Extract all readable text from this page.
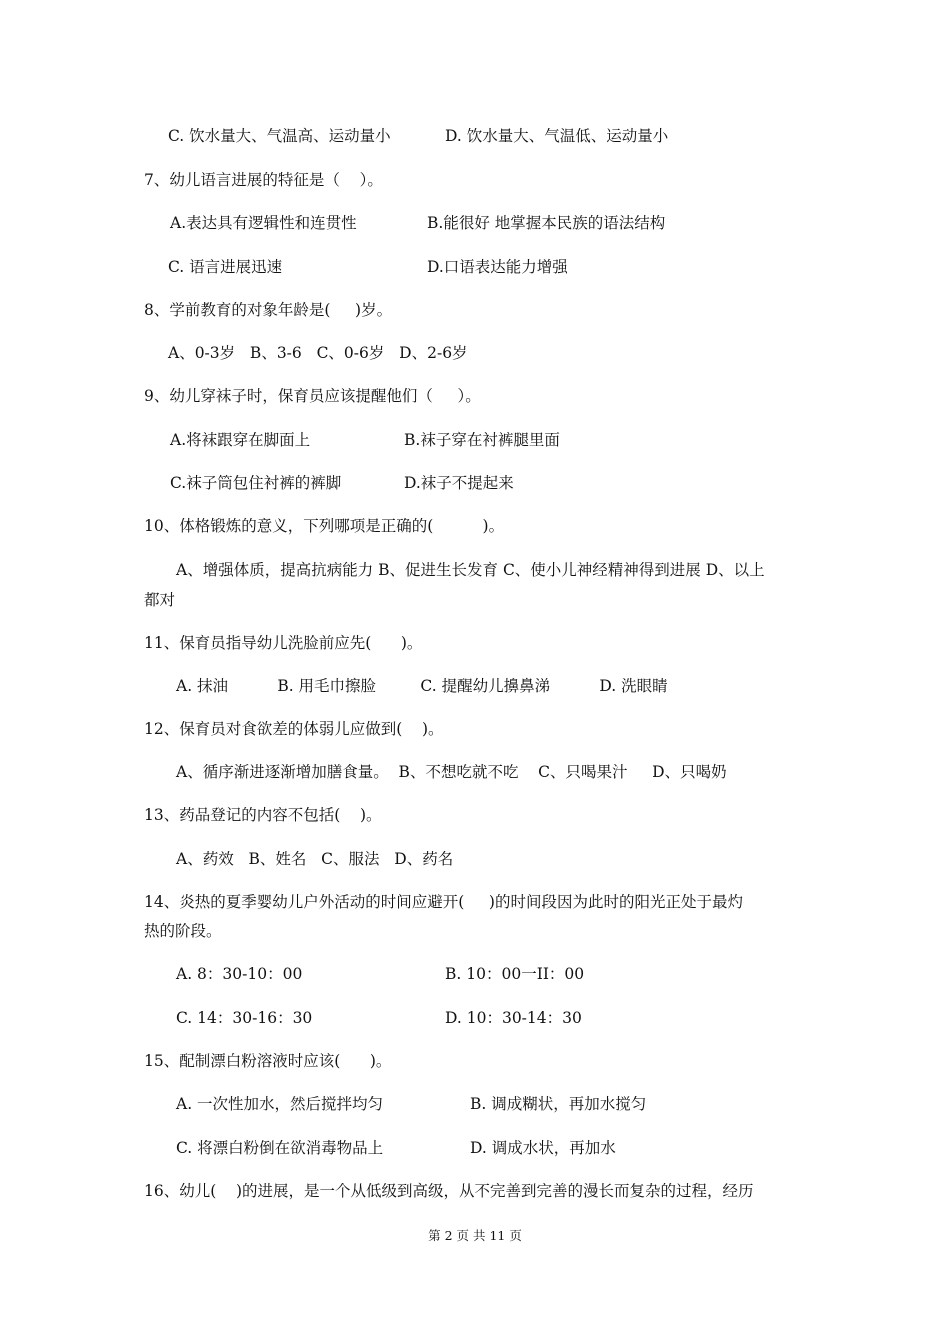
C. 饮水量大、气温高、运动量小	D. 饮水量大、气温低、运动量小
7、幼儿语言进展的特征是（    ）。
A.表达具有逻辑性和连贯性	B.能很好 地掌握本民族的语法结构
C. 语言进展迅速	D.口语表达能力增强
8、学前教育的对象年龄是(     )岁。
A、0-3岁   B、3-6   C、0-6岁   D、2-6岁
9、幼儿穿袜子时，保育员应该提醒他们（     ）。
A.将袜跟穿在脚面上	B.袜子穿在衬裤腿里面
C.袜子筒包住衬裤的裤脚	D.袜子不提起来
10、体格锻炼的意义，下列哪项是正确的(          )。
A、增强体质，提高抗病能力 B、促进生长发育 C、使小儿神经精神得到进展 D、以上
都对
11、保育员指导幼儿洗脸前应先(      )。
A. 抹油          B. 用毛巾擦脸         C. 提醒幼儿擤鼻涕          D. 洗眼睛
12、保育员对食欲差的体弱儿应做到(    )。
A、循序渐进逐渐增加膳食量。  B、不想吃就不吃    C、只喝果汁     D、只喝奶
13、药品登记的内容不包括(    )。
A、药效   B、姓名   C、服法   D、药名
14、炎热的夏季婴幼儿户外活动的时间应避开(     )的时间段因为此时的阳光正处于最灼
热的阶段。
A. 8：30-10：00	B. 10：00一II：00
C. 14：30-16：30	D. 10：30-14：30
15、配制漂白粉溶液时应该(      )。
A. 一次性加水，然后搅拌均匀	B. 调成糊状，再加水搅匀
C. 将漂白粉倒在欲消毒物品上	D. 调成水状，再加水
16、幼儿(    )的进展，是一个从低级到高级，从不完善到完善的漫长而复杂的过程，经历
第 2 页 共 11 页
